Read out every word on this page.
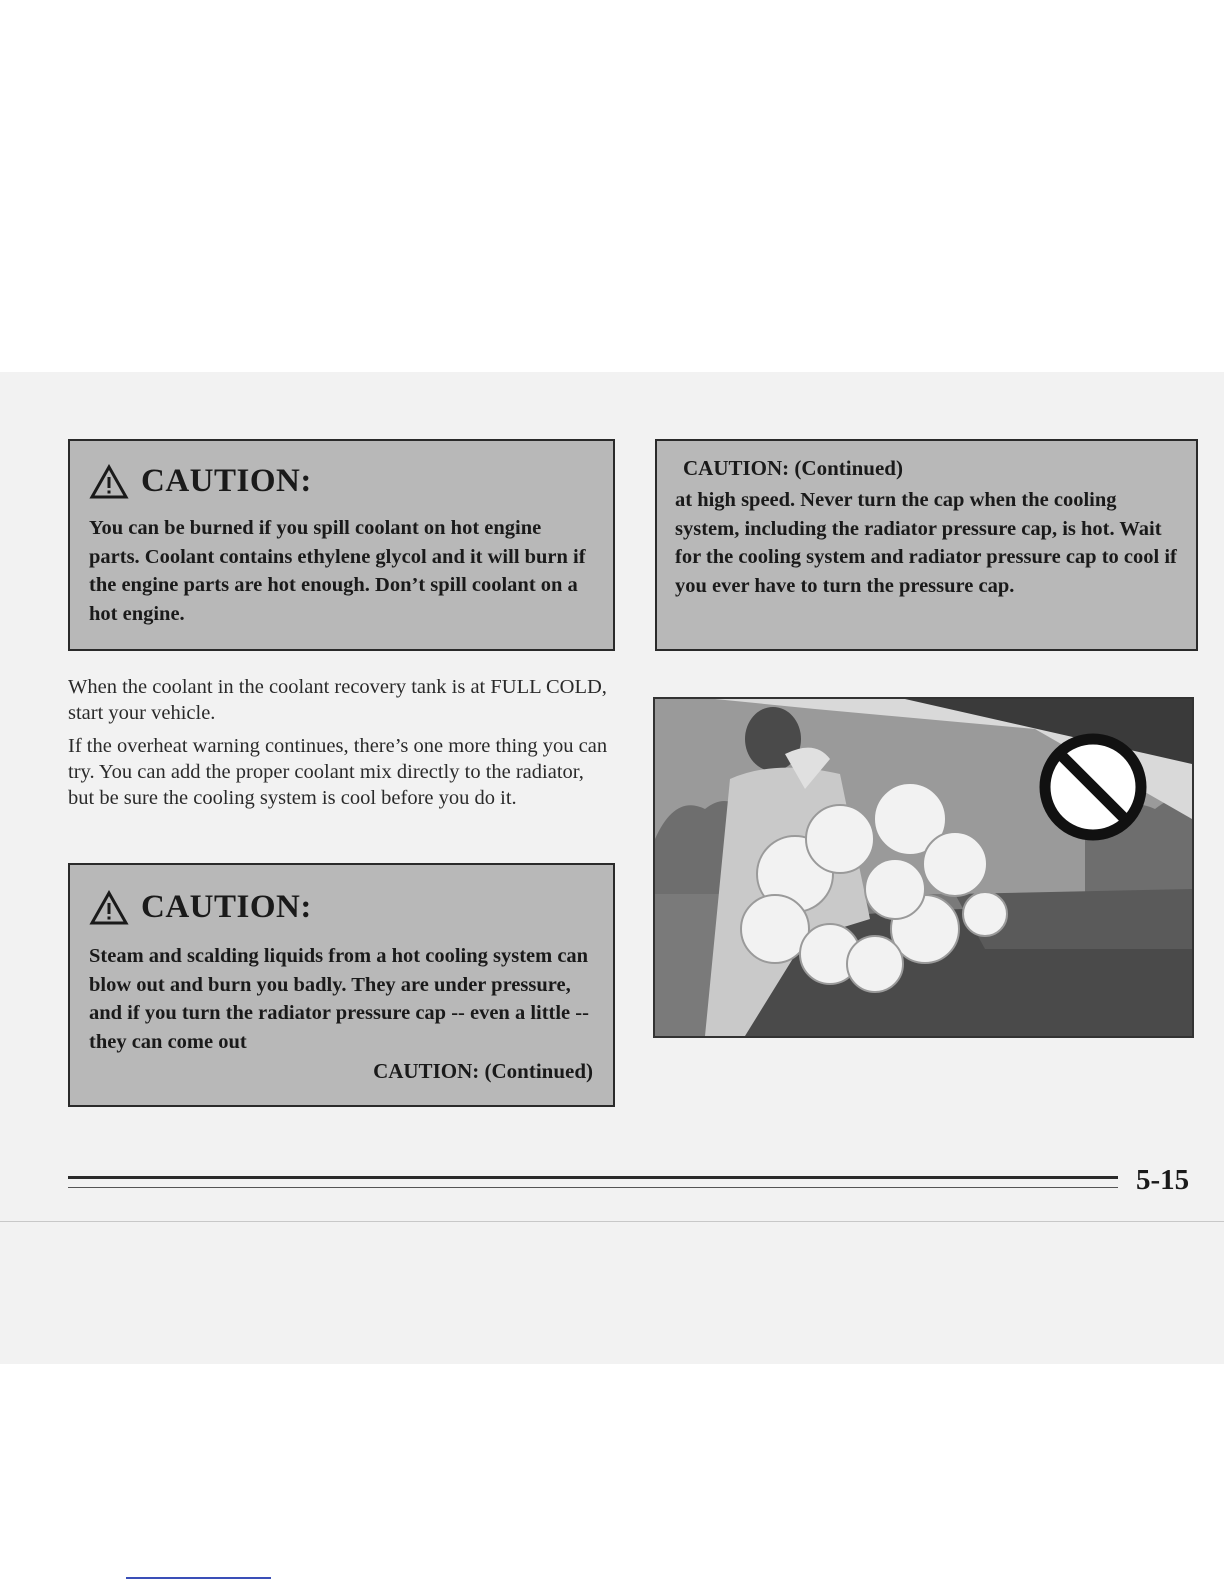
CAUTION:
You can be burned if you spill coolant on hot engine parts. Coolant contains ethylene glycol and it will burn if the engine parts are hot enough. Don’t spill coolant on a hot engine.

When the coolant in the coolant recovery tank is at FULL COLD, start your vehicle.

If the overheat warning continues, there’s one more thing you can try. You can add the proper coolant mix directly to the radiator, but be sure the cooling system is cool before you do it.

CAUTION:
Steam and scalding liquids from a hot cooling system can blow out and burn you badly. They are under pressure, and if you turn the radiator pressure cap -- even a little -- they can come out
CAUTION: (Continued)
CAUTION: (Continued)
at high speed. Never turn the cap when the cooling system, including the radiator pressure cap, is hot. Wait for the cooling system and radiator pressure cap to cool if you ever have to turn the pressure cap.
5-15
